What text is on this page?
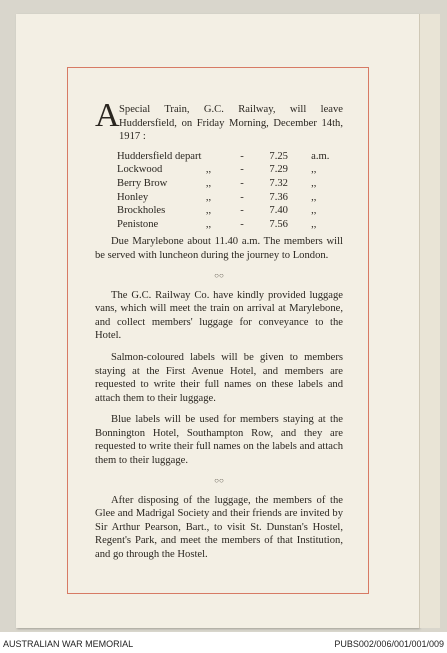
A Special Train, G.C. Railway, will leave Huddersfield, on Friday Morning, December 14th, 1917 :
Huddersfield depart		-	7.25	a.m.
Lockwood	,,	-	7.29	,,
Berry Brow	,,	-	7.32	,,
Honley	,,	-	7.36	,,
Brockholes	,,	-	7.40	,,
Penistone	,,	-	7.56	,,

Due Marylebone about 11.40 a.m. The members will be served with luncheon during the journey to London.

○○

The G.C. Railway Co. have kindly provided luggage vans, which will meet the train on arrival at Marylebone, and collect members' luggage for conveyance to the Hotel.

Salmon-coloured labels will be given to members staying at the First Avenue Hotel, and members are requested to write their full names on these labels and attach them to their luggage.

Blue labels will be used for members staying at the Bonnington Hotel, Southampton Row, and they are requested to write their full names on the labels and attach them to their luggage.

○○

After disposing of the luggage, the members of the Glee and Madrigal Society and their friends are invited by Sir Arthur Pearson, Bart., to visit St. Dunstan's Hostel, Regent's Park, and meet the members of that Institution, and go through the Hostel.

AUSTRALIAN WAR MEMORIAL	PUBS002/006/001/001/009
